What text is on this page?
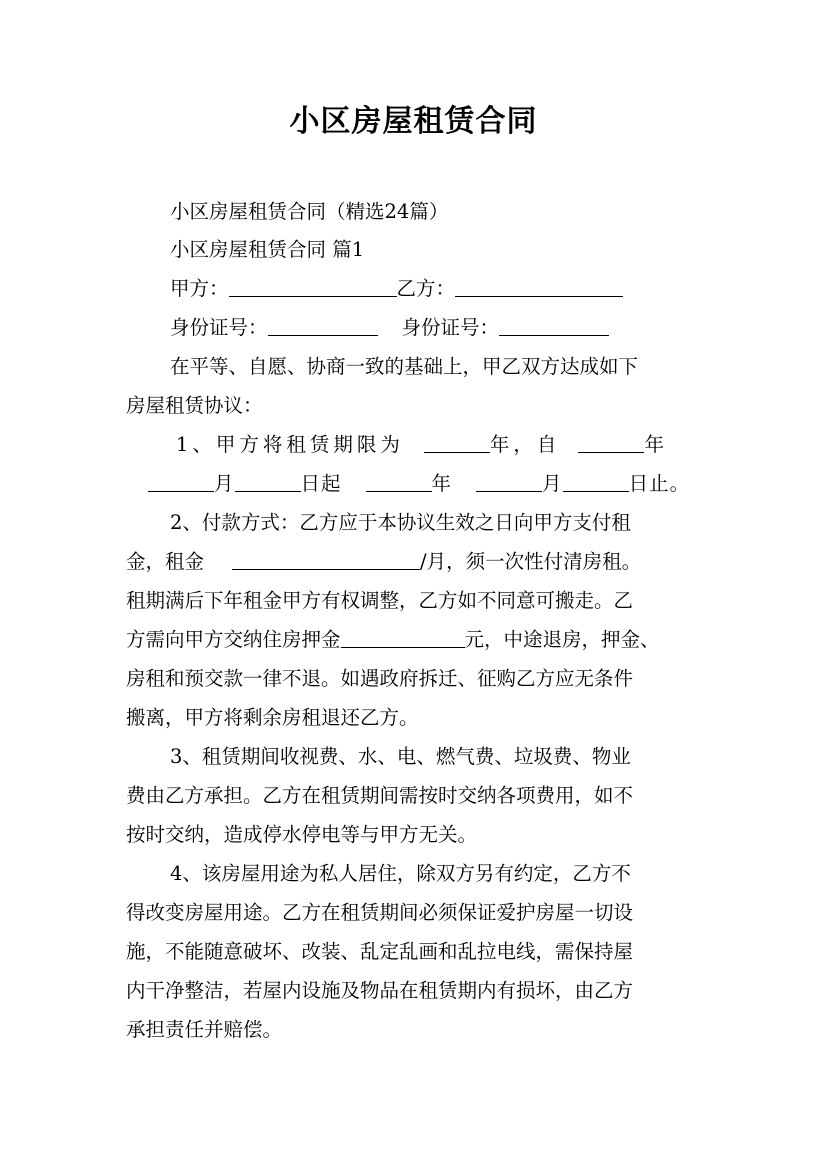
小区房屋租赁合同
小区房屋租赁合同（精选24篇）
小区房屋租赁合同 篇1
甲方：	乙方：
身份证号：	身份证号：
在平等、自愿、协商一致的基础上，甲乙双方达成如下
房屋租赁协议：
1、甲方将租赁期限为	年，自	年
月	日起	年	月	日止。
2、付款方式：乙方应于本协议生效之日向甲方支付租
金，租金	/月，须一次性付清房租。
租期满后下年租金甲方有权调整，乙方如不同意可搬走。乙
方需向甲方交纳住房押金	元，中途退房，押金、
房租和预交款一律不退。如遇政府拆迁、征购乙方应无条件
搬离，甲方将剩余房租退还乙方。
3、租赁期间收视费、水、电、燃气费、垃圾费、物业
费由乙方承担。乙方在租赁期间需按时交纳各项费用，如不
按时交纳，造成停水停电等与甲方无关。
4、该房屋用途为私人居住，除双方另有约定，乙方不
得改变房屋用途。乙方在租赁期间必须保证爱护房屋一切设
施，不能随意破坏、改装、乱定乱画和乱拉电线，需保持屋
内干净整洁，若屋内设施及物品在租赁期内有损坏，由乙方
承担责任并赔偿。
